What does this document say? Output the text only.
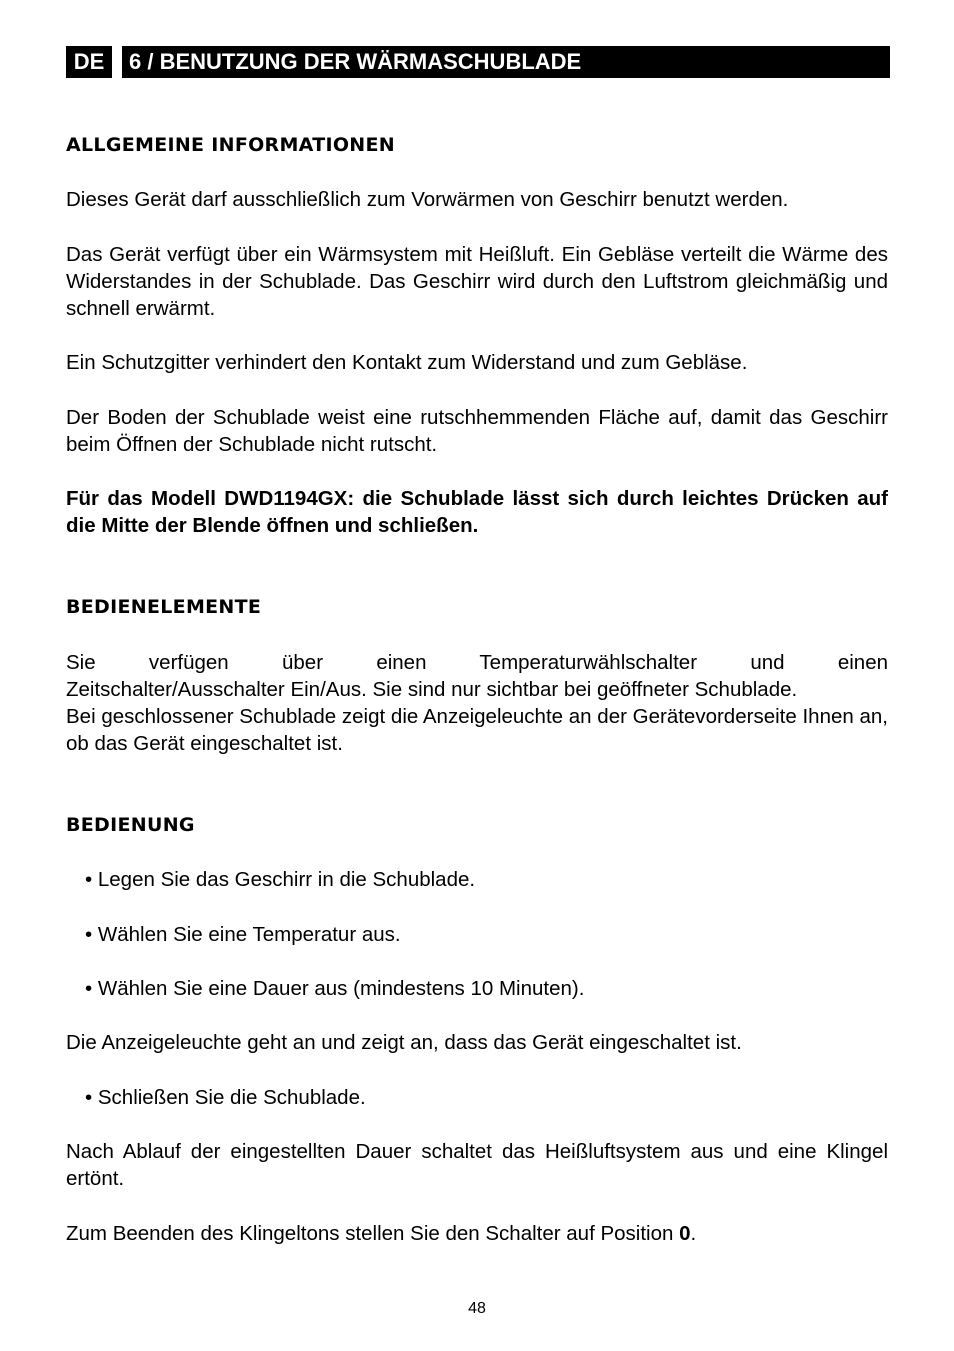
DE	6 / BENUTZUNG DER WÄRMASCHUBLADE
ALLGEMEINE INFORMATIONEN

Dieses Gerät darf ausschließlich zum Vorwärmen von Geschirr benutzt werden.

Das Gerät verfügt über ein Wärmsystem mit Heißluft. Ein Gebläse verteilt die Wärme des Widerstandes in der Schublade. Das Geschirr wird durch den Luftstrom gleichmäßig und schnell erwärmt.

Ein Schutzgitter verhindert den Kontakt zum Widerstand und zum Gebläse.

Der Boden der Schublade weist eine rutschhemmenden Fläche auf, damit das Geschirr beim Öffnen der Schublade nicht rutscht.

Für das Modell DWD1194GX: die Schublade lässt sich durch leichtes Drücken auf die Mitte der Blende öffnen und schließen.

BEDIENELEMENTE

Sie verfügen über einen Temperaturwählschalter und einen

Zeitschalter/Ausschalter Ein/Aus. Sie sind nur sichtbar bei geöffneter Schublade.

Bei geschlossener Schublade zeigt die Anzeigeleuchte an der Gerätevorderseite Ihnen an, ob das Gerät eingeschaltet ist.

BEDIENUNG
• Legen Sie das Geschirr in die Schublade.
• Wählen Sie eine Temperatur aus.
• Wählen Sie eine Dauer aus (mindestens 10 Minuten).

Die Anzeigeleuchte geht an und zeigt an, dass das Gerät eingeschaltet ist.

• Schließen Sie die Schublade.

Nach Ablauf der eingestellten Dauer schaltet das Heißluftsystem aus und eine Klingel ertönt.

Zum Beenden des Klingeltons stellen Sie den Schalter auf Position 0.

48
